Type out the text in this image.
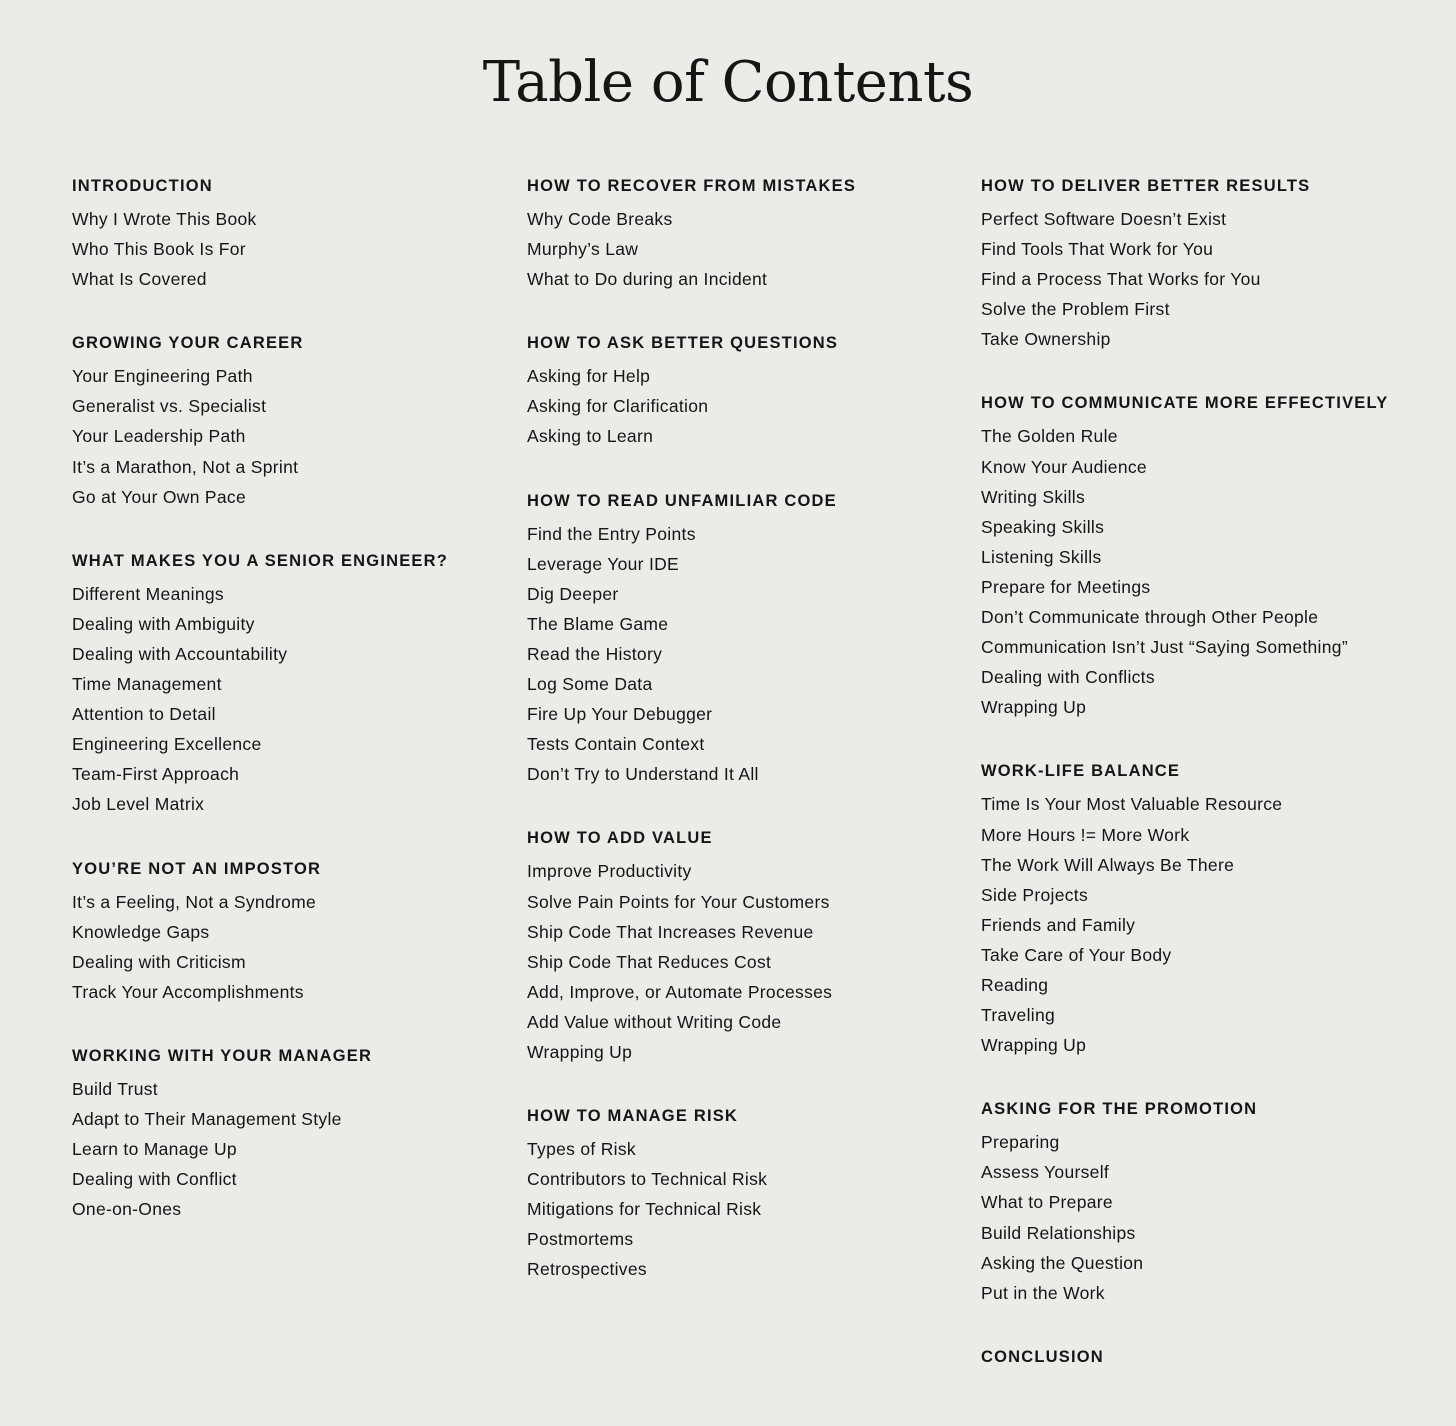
Table of Contents
INTRODUCTION
Why I Wrote This Book
Who This Book Is For
What Is Covered
GROWING YOUR CAREER
Your Engineering Path
Generalist vs. Specialist
Your Leadership Path
It’s a Marathon, Not a Sprint
Go at Your Own Pace
WHAT MAKES YOU A SENIOR ENGINEER?
Different Meanings
Dealing with Ambiguity
Dealing with Accountability
Time Management
Attention to Detail
Engineering Excellence
Team-First Approach
Job Level Matrix
YOU’RE NOT AN IMPOSTOR
It’s a Feeling, Not a Syndrome
Knowledge Gaps
Dealing with Criticism
Track Your Accomplishments
WORKING WITH YOUR MANAGER
Build Trust
Adapt to Their Management Style
Learn to Manage Up
Dealing with Conflict
One-on-Ones
HOW TO RECOVER FROM MISTAKES
Why Code Breaks
Murphy’s Law
What to Do during an Incident
HOW TO ASK BETTER QUESTIONS
Asking for Help
Asking for Clarification
Asking to Learn
HOW TO READ UNFAMILIAR CODE
Find the Entry Points
Leverage Your IDE
Dig Deeper
The Blame Game
Read the History
Log Some Data
Fire Up Your Debugger
Tests Contain Context
Don’t Try to Understand It All
HOW TO ADD VALUE
Improve Productivity
Solve Pain Points for Your Customers
Ship Code That Increases Revenue
Ship Code That Reduces Cost
Add, Improve, or Automate Processes
Add Value without Writing Code
Wrapping Up
HOW TO MANAGE RISK
Types of Risk
Contributors to Technical Risk
Mitigations for Technical Risk
Postmortems
Retrospectives
HOW TO DELIVER BETTER RESULTS
Perfect Software Doesn’t Exist
Find Tools That Work for You
Find a Process That Works for You
Solve the Problem First
Take Ownership
HOW TO COMMUNICATE MORE EFFECTIVELY
The Golden Rule
Know Your Audience
Writing Skills
Speaking Skills
Listening Skills
Prepare for Meetings
Don’t Communicate through Other People
Communication Isn’t Just “Saying Something”
Dealing with Conflicts
Wrapping Up
WORK-LIFE BALANCE
Time Is Your Most Valuable Resource
More Hours != More Work
The Work Will Always Be There
Side Projects
Friends and Family
Take Care of Your Body
Reading
Traveling
Wrapping Up
ASKING FOR THE PROMOTION
Preparing
Assess Yourself
What to Prepare
Build Relationships
Asking the Question
Put in the Work
CONCLUSION
